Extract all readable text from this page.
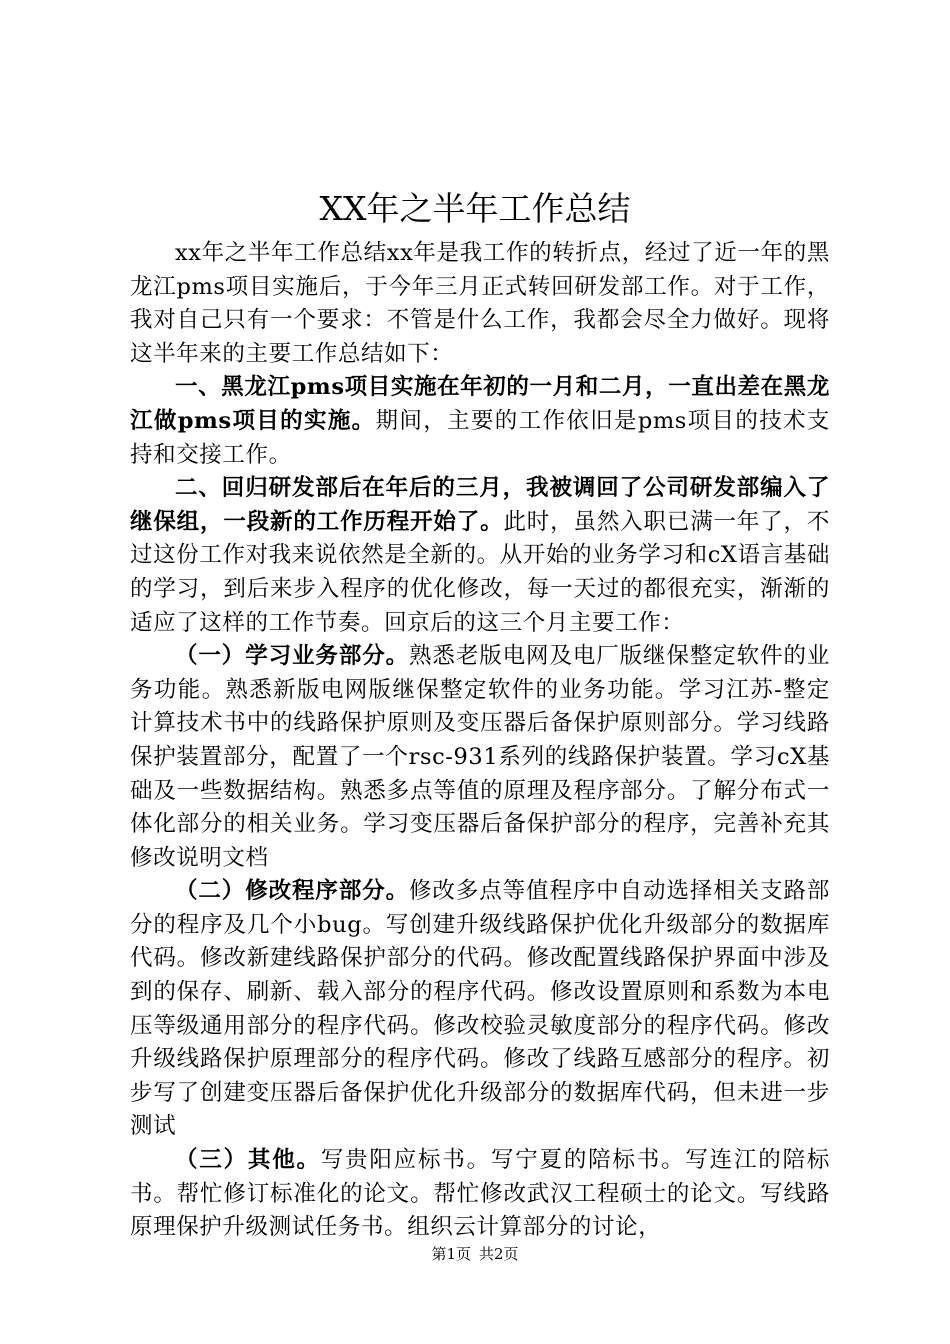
XX年之半年工作总结

xx年之半年工作总结xx年是我工作的转折点，经过了近一年的黑龙江pms项目实施后，于今年三月正式转回研发部工作。对于工作，我对自己只有一个要求：不管是什么工作，我都会尽全力做好。现将这半年来的主要工作总结如下：

一、黑龙江pms项目实施在年初的一月和二月，一直出差在黑龙江做pms项目的实施。期间，主要的工作依旧是pms项目的技术支持和交接工作。

二、回归研发部后在年后的三月，我被调回了公司研发部编入了继保组，一段新的工作历程开始了。此时，虽然入职已满一年了，不过这份工作对我来说依然是全新的。从开始的业务学习和cX语言基础的学习，到后来步入程序的优化修改，每一天过的都很充实，渐渐的适应了这样的工作节奏。回京后的这三个月主要工作：

（一）学习业务部分。熟悉老版电网及电厂版继保整定软件的业务功能。熟悉新版电网版继保整定软件的业务功能。学习江苏-整定计算技术书中的线路保护原则及变压器后备保护原则部分。学习线路保护装置部分，配置了一个rsc-931系列的线路保护装置。学习cX基础及一些数据结构。熟悉多点等值的原理及程序部分。了解分布式一体化部分的相关业务。学习变压器后备保护部分的程序，完善补充其修改说明文档

（二）修改程序部分。修改多点等值程序中自动选择相关支路部分的程序及几个小bug。写创建升级线路保护优化升级部分的数据库代码。修改新建线路保护部分的代码。修改配置线路保护界面中涉及到的保存、刷新、载入部分的程序代码。修改设置原则和系数为本电压等级通用部分的程序代码。修改校验灵敏度部分的程序代码。修改升级线路保护原理部分的程序代码。修改了线路互感部分的程序。初步写了创建变压器后备保护优化升级部分的数据库代码，但未进一步测试

（三）其他。写贵阳应标书。写宁夏的陪标书。写连江的陪标书。帮忙修订标准化的论文。帮忙修改武汉工程硕士的论文。写线路原理保护升级测试任务书。组织云计算部分的讨论，

第1页 共2页
